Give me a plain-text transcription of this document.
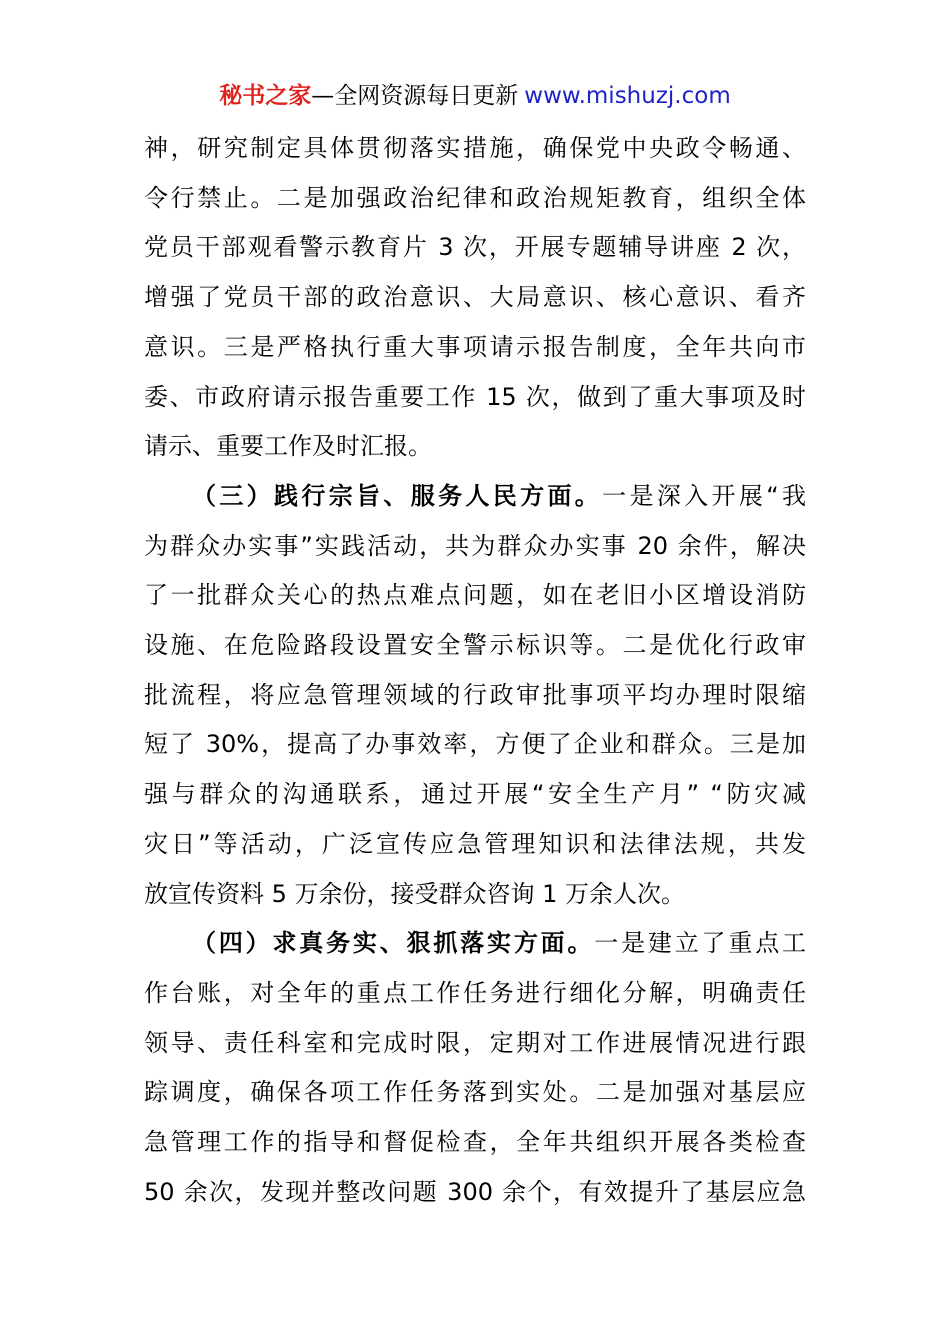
秘书之家—全网资源每日更新 www.mishuzj.com

神，研究制定具体贯彻落实措施，确保党中央政令畅通、
令行禁止。二是加强政治纪律和政治规矩教育，组织全体
党员干部观看警示教育片 3 次，开展专题辅导讲座 2 次，
增强了党员干部的政治意识、大局意识、核心意识、看齐
意识。三是严格执行重大事项请示报告制度，全年共向市
委、市政府请示报告重要工作 15 次，做到了重大事项及时
请示、重要工作及时汇报。

（三）践行宗旨、服务人民方面。一是深入开展“我
为群众办实事”实践活动，共为群众办实事 20 余件，解决
了一批群众关心的热点难点问题，如在老旧小区增设消防
设施、在危险路段设置安全警示标识等。二是优化行政审
批流程，将应急管理领域的行政审批事项平均办理时限缩
短了 30%，提高了办事效率，方便了企业和群众。三是加
强与群众的沟通联系，通过开展“安全生产月” “防灾减
灾日”等活动，广泛宣传应急管理知识和法律法规，共发
放宣传资料 5 万余份，接受群众咨询 1 万余人次。

（四）求真务实、狠抓落实方面。一是建立了重点工
作台账，对全年的重点工作任务进行细化分解，明确责任
领导、责任科室和完成时限，定期对工作进展情况进行跟
踪调度，确保各项工作任务落到实处。二是加强对基层应
急管理工作的指导和督促检查，全年共组织开展各类检查
50 余次，发现并整改问题 300 余个，有效提升了基层应急
